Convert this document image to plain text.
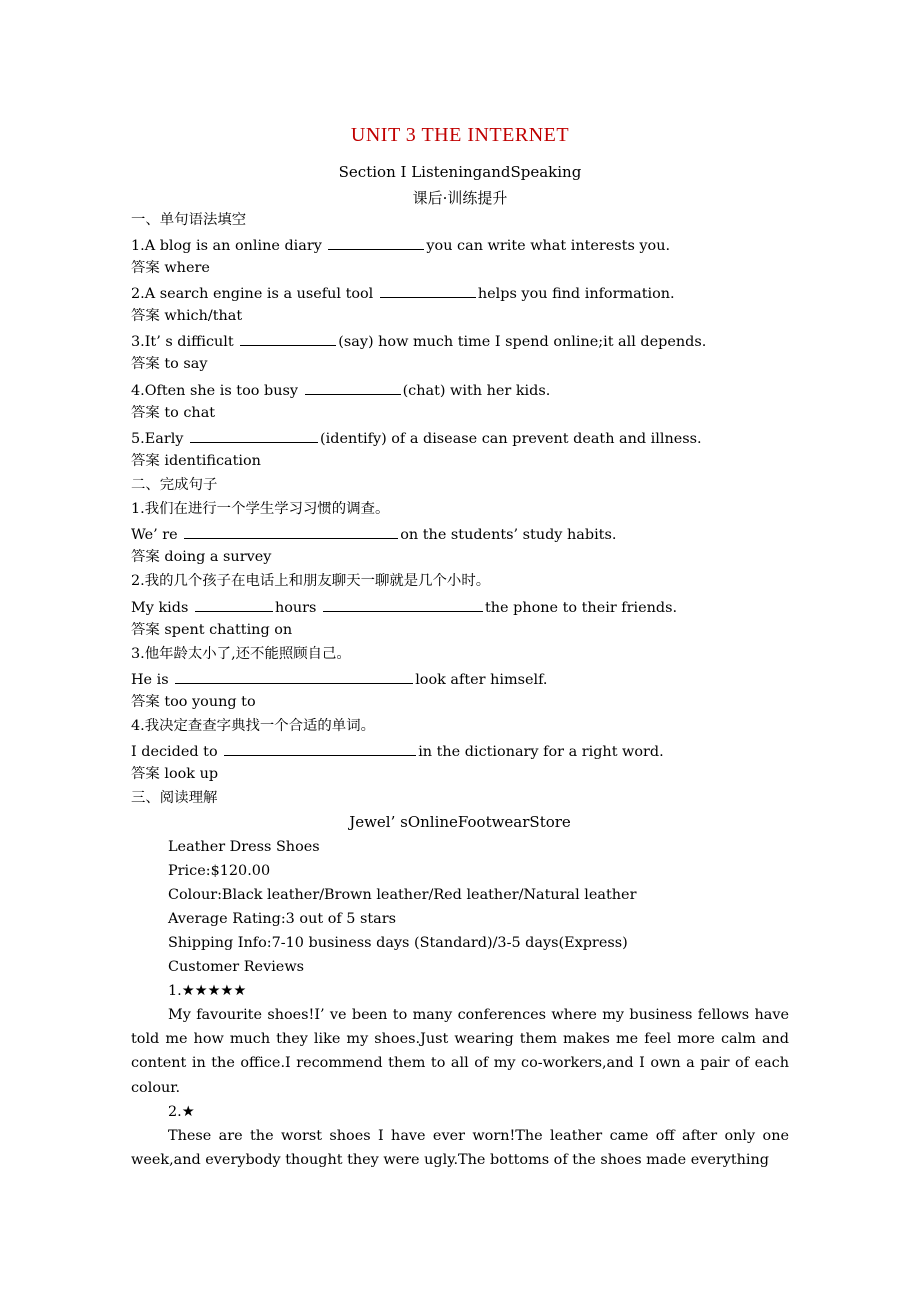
UNIT 3 THE INTERNET
Section Ⅰ ListeningandSpeaking
课后·训练提升
一、单句语法填空
1.A blog is an online diary	you can write what interests you.
答案 where
2.A search engine is a useful tool	helps you find information.
答案 which/that
3.It’ s difficult	(say) how much time I spend online;it all depends.
答案 to say
4.Often she is too busy	(chat) with her kids.
答案 to chat
5.Early	(identify) of a disease can prevent death and illness.
答案 identification
二、完成句子
1.我们在进行一个学生学习习惯的调查。
We’ re	on the students’ study habits.
答案 doing a survey
2.我的几个孩子在电话上和朋友聊天一聊就是几个小时。
My kids	hours	the phone to their friends.
答案 spent chatting on
3.他年龄太小了,还不能照顾自己。
He is	look after himself.
答案 too young to
4.我决定查查字典找一个合适的单词。
I decided to	in the dictionary for a right word.
答案 look up
三、阅读理解
Jewel’ sOnlineFootwearStore
Leather Dress Shoes
Price:$120.00
Colour:Black leather/Brown leather/Red leather/Natural leather
Average Rating:3 out of 5 stars
Shipping Info:7-10 business days (Standard)/3-5 days(Express)
Customer Reviews
1.★★★★★
My favourite shoes!I’ ve been to many conferences where my business fellows have told me how much they like my shoes.Just wearing them makes me feel more calm and content in the office.I recommend them to all of my co-workers,and I own a pair of each colour.
2.★
These are the worst shoes I have ever worn!The leather came off after only one week,and everybody thought they were ugly.The bottoms of the shoes made everything
